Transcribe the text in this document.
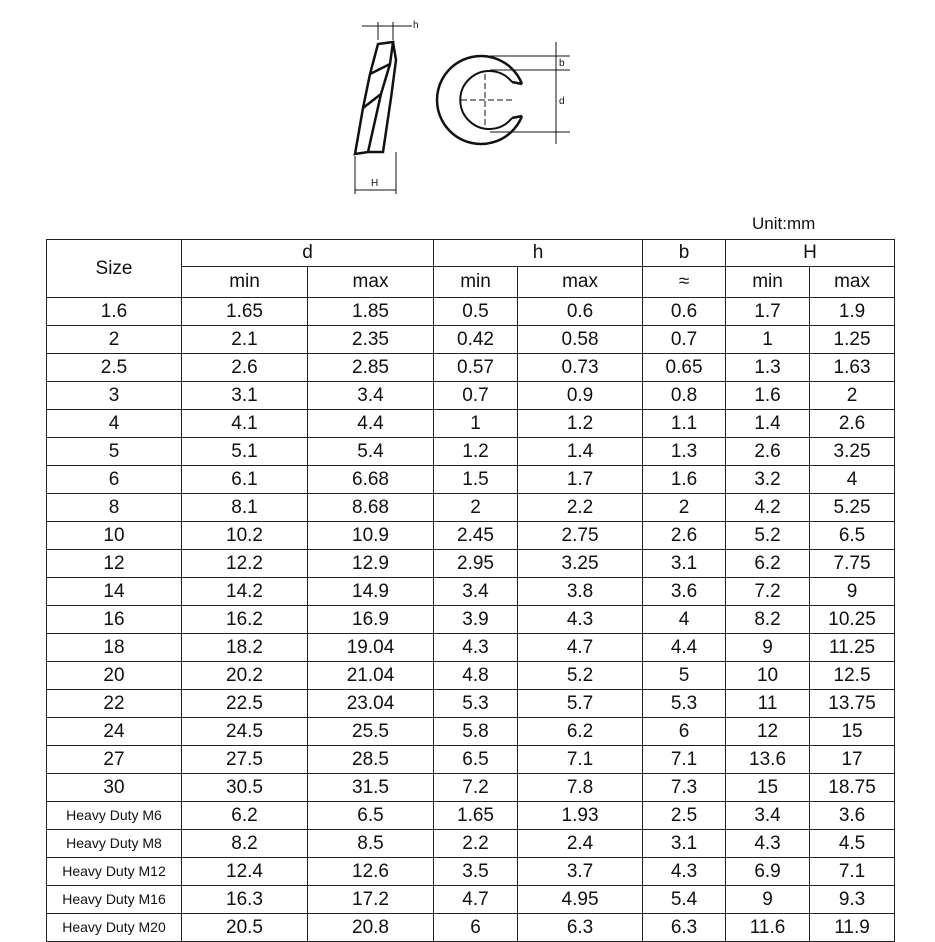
h
H
b
d
Unit:mm
Size	d		h		b	H	
	min	max	min	max	≈	min	max
1.6	1.65	1.85	0.5	0.6	0.6	1.7	1.9
2	2.1	2.35	0.42	0.58	0.7	1	1.25
2.5	2.6	2.85	0.57	0.73	0.65	1.3	1.63
3	3.1	3.4	0.7	0.9	0.8	1.6	2
4	4.1	4.4	1	1.2	1.1	1.4	2.6
5	5.1	5.4	1.2	1.4	1.3	2.6	3.25
6	6.1	6.68	1.5	1.7	1.6	3.2	4
8	8.1	8.68	2	2.2	2	4.2	5.25
10	10.2	10.9	2.45	2.75	2.6	5.2	6.5
12	12.2	12.9	2.95	3.25	3.1	6.2	7.75
14	14.2	14.9	3.4	3.8	3.6	7.2	9
16	16.2	16.9	3.9	4.3	4	8.2	10.25
18	18.2	19.04	4.3	4.7	4.4	9	11.25
20	20.2	21.04	4.8	5.2	5	10	12.5
22	22.5	23.04	5.3	5.7	5.3	11	13.75
24	24.5	25.5	5.8	6.2	6	12	15
27	27.5	28.5	6.5	7.1	7.1	13.6	17
30	30.5	31.5	7.2	7.8	7.3	15	18.75
Heavy Duty M6	6.2	6.5	1.65	1.93	2.5	3.4	3.6
Heavy Duty M8	8.2	8.5	2.2	2.4	3.1	4.3	4.5
Heavy Duty M12	12.4	12.6	3.5	3.7	4.3	6.9	7.1
Heavy Duty M16	16.3	17.2	4.7	4.95	5.4	9	9.3
Heavy Duty M20	20.5	20.8	6	6.3	6.3	11.6	11.9
